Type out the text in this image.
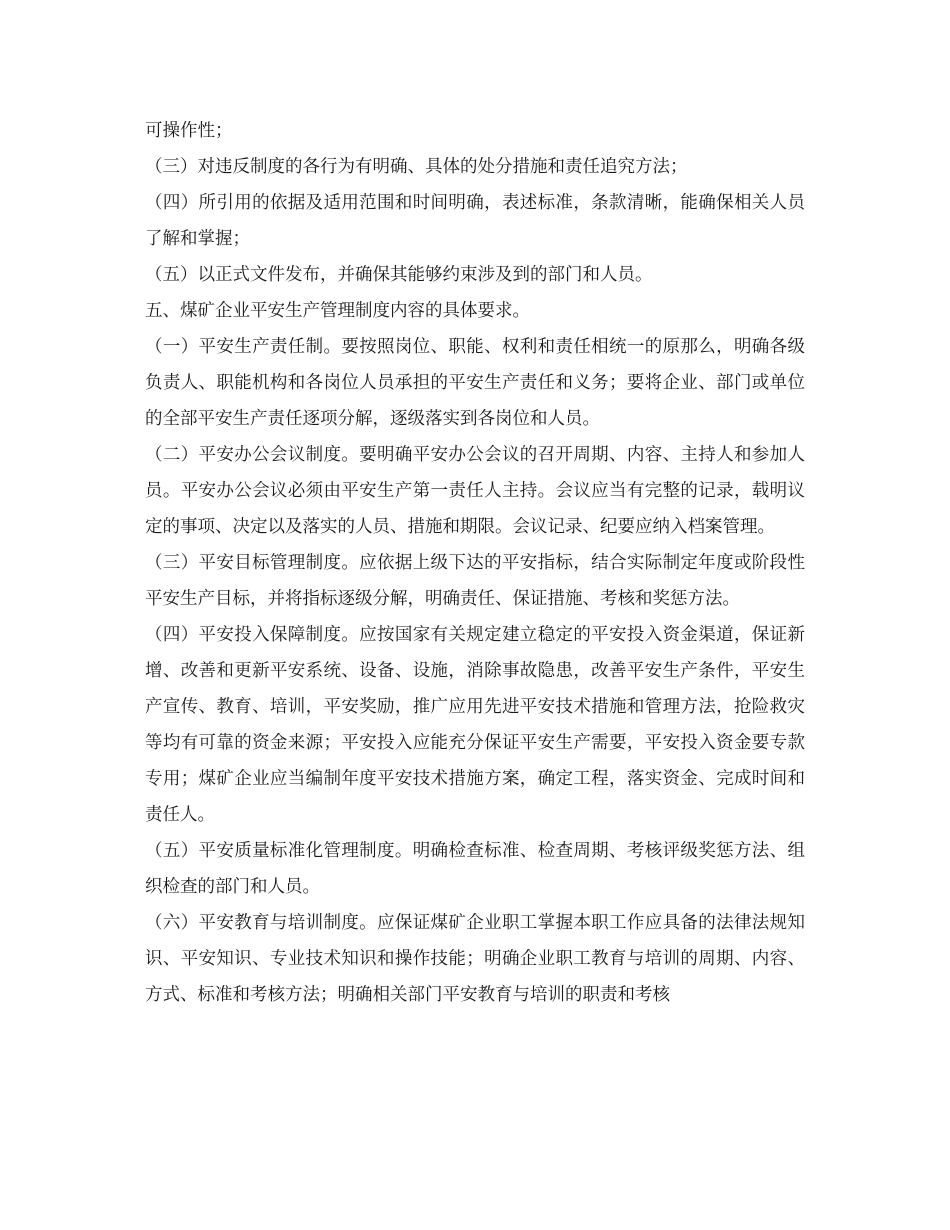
可操作性；

（三）对违反制度的各行为有明确、具体的处分措施和责任追究方法；

（四）所引用的依据及适用范围和时间明确，表述标准，条款清晰，能确保相关人员了解和掌握；

（五）以正式文件发布，并确保其能够约束涉及到的部门和人员。

五、煤矿企业平安生产管理制度内容的具体要求。

（一）平安生产责任制。要按照岗位、职能、权利和责任相统一的原那么，明确各级负责人、职能机构和各岗位人员承担的平安生产责任和义务；要将企业、部门或单位的全部平安生产责任逐项分解，逐级落实到各岗位和人员。

（二）平安办公会议制度。要明确平安办公会议的召开周期、内容、主持人和参加人员。平安办公会议必须由平安生产第一责任人主持。会议应当有完整的记录，载明议定的事项、决定以及落实的人员、措施和期限。会议记录、纪要应纳入档案管理。

（三）平安目标管理制度。应依据上级下达的平安指标，结合实际制定年度或阶段性平安生产目标，并将指标逐级分解，明确责任、保证措施、考核和奖惩方法。

（四）平安投入保障制度。应按国家有关规定建立稳定的平安投入资金渠道，保证新增、改善和更新平安系统、设备、设施，消除事故隐患，改善平安生产条件，平安生产宣传、教育、培训，平安奖励，推广应用先进平安技术措施和管理方法，抢险救灾等均有可靠的资金来源；平安投入应能充分保证平安生产需要，平安投入资金要专款专用；煤矿企业应当编制年度平安技术措施方案，确定工程，落实资金、完成时间和责任人。

（五）平安质量标准化管理制度。明确检查标准、检查周期、考核评级奖惩方法、组织检查的部门和人员。

（六）平安教育与培训制度。应保证煤矿企业职工掌握本职工作应具备的法律法规知识、平安知识、专业技术知识和操作技能；明确企业职工教育与培训的周期、内容、方式、标准和考核方法；明确相关部门平安教育与培训的职责和考核
